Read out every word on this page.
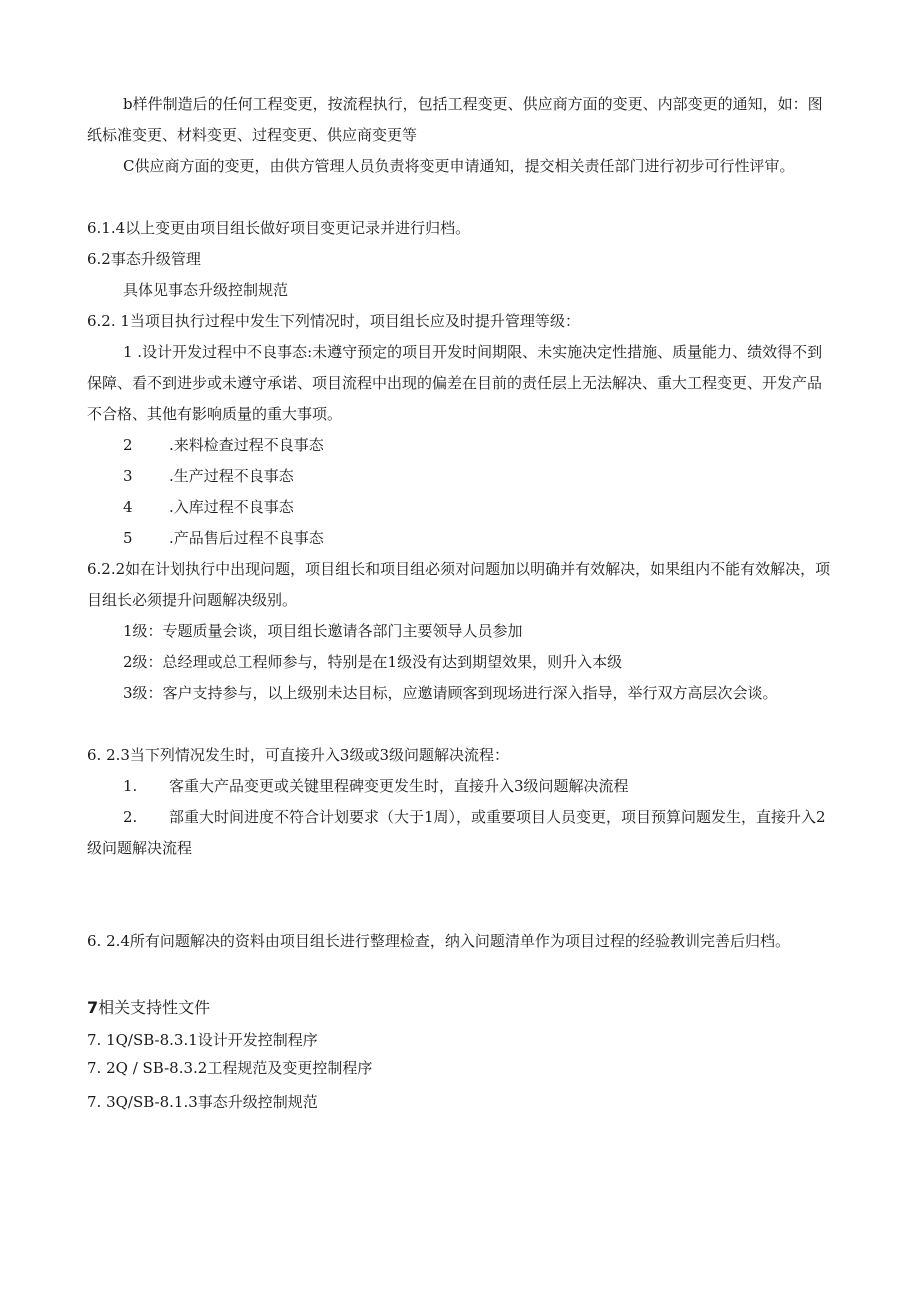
b样件制造后的任何工程变更，按流程执行，包括工程变更、供应商方面的变更、内部变更的通知，如：图纸标准变更、材料变更、过程变更、供应商变更等

C供应商方面的变更，由供方管理人员负责将变更申请通知，提交相关责任部门进行初步可行性评审。

6.1.4以上变更由项目组长做好项目变更记录并进行归档。

6.2事态升级管理

具体见事态升级控制规范

6.2. 1当项目执行过程中发生下列情况时，项目组长应及时提升管理等级：

1 .设计开发过程中不良事态:未遵守预定的项目开发时间期限、未实施决定性措施、质量能力、绩效得不到保障、看不到进步或未遵守承诺、项目流程中出现的偏差在目前的责任层上无法解决、重大工程变更、开发产品不合格、其他有影响质量的重大事项。

2 .来料检查过程不良事态

3 .生产过程不良事态

4 .入库过程不良事态

5 .产品售后过程不良事态

6.2.2如在计划执行中出现问题，项目组长和项目组必须对问题加以明确并有效解决，如果组内不能有效解决，项目组长必须提升问题解决级别。

1级：专题质量会谈，项目组长邀请各部门主要领导人员参加

2级：总经理或总工程师参与，特别是在1级没有达到期望效果，则升入本级

3级：客户支持参与，以上级别未达目标，应邀请顾客到现场进行深入指导，举行双方高层次会谈。

6. 2.3当下列情况发生时，可直接升入3级或3级问题解决流程：

1. 客重大产品变更或关键里程碑变更发生时，直接升入3级问题解决流程

2. 部重大时间进度不符合计划要求（大于1周），或重要项目人员变更，项目预算问题发生，直接升入2级问题解决流程

6. 2.4所有问题解决的资料由项目组长进行整理检查，纳入问题清单作为项目过程的经验教训完善后归档。

7相关支持性文件

7. 1Q/SB-8.3.1设计开发控制程序

7. 2Q / SB-8.3.2工程规范及变更控制程序

7. 3Q/SB-8.1.3事态升级控制规范
